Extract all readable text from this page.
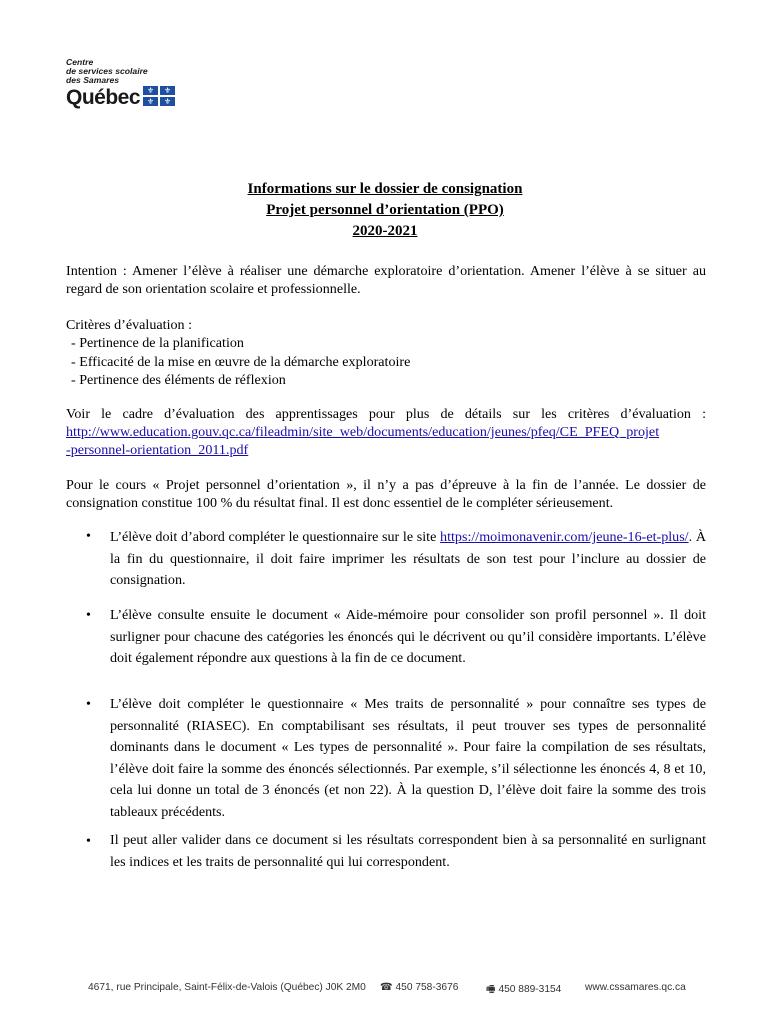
Centre
de services scolaire
des Samares
Québec ⚜	⚜
⚜	⚜
Informations sur le dossier de consignation
Projet personnel d’orientation (PPO)
2020-2021
Intention : Amener l’élève à réaliser une démarche exploratoire d’orientation. Amener l’élève à se situer au regard de son orientation scolaire et professionnelle.
Critères d’évaluation :
- Pertinence de la planification
- Efficacité de la mise en œuvre de la démarche exploratoire
- Pertinence des éléments de réflexion
Voir le cadre d’évaluation des apprentissages pour plus de détails sur les critères d’évaluation :
http://www.education.gouv.qc.ca/fileadmin/site_web/documents/education/jeunes/pfeq/CE_PFEQ_projet
-personnel-orientation_2011.pdf
Pour le cours « Projet personnel d’orientation », il n’y a pas d’épreuve à la fin de l’année. Le dossier de consignation constitue 100 % du résultat final. Il est donc essentiel de le compléter sérieusement.
• L’élève doit d’abord compléter le questionnaire sur le site https://moimonavenir.com/jeune-16-et-plus/. À la fin du questionnaire, il doit faire imprimer les résultats de son test pour l’inclure au dossier de consignation.
• L’élève consulte ensuite le document « Aide-mémoire pour consolider son profil personnel ». Il doit surligner pour chacune des catégories les énoncés qui le décrivent ou qu’il considère importants. L’élève doit également répondre aux questions à la fin de ce document.
• L’élève doit compléter le questionnaire « Mes traits de personnalité » pour connaître ses types de personnalité (RIASEC). En comptabilisant ses résultats, il peut trouver ses types de personnalité dominants dans le document « Les types de personnalité ». Pour faire la compilation de ses résultats, l’élève doit faire la somme des énoncés sélectionnés. Par exemple, s’il sélectionne les énoncés 4, 8 et 10, cela lui donne un total de 3 énoncés (et non 22). À la question D, l’élève doit faire la somme des trois tableaux précédents.
• Il peut aller valider dans ce document si les résultats correspondent bien à sa personnalité en surlignant les indices et les traits de personnalité qui lui correspondent.
4671, rue Principale, Saint-Félix-de-Valois (Québec) J0K 2M0 ☎ 450 758-3676	🖷 450 889-3154 www.cssamares.qc.ca
